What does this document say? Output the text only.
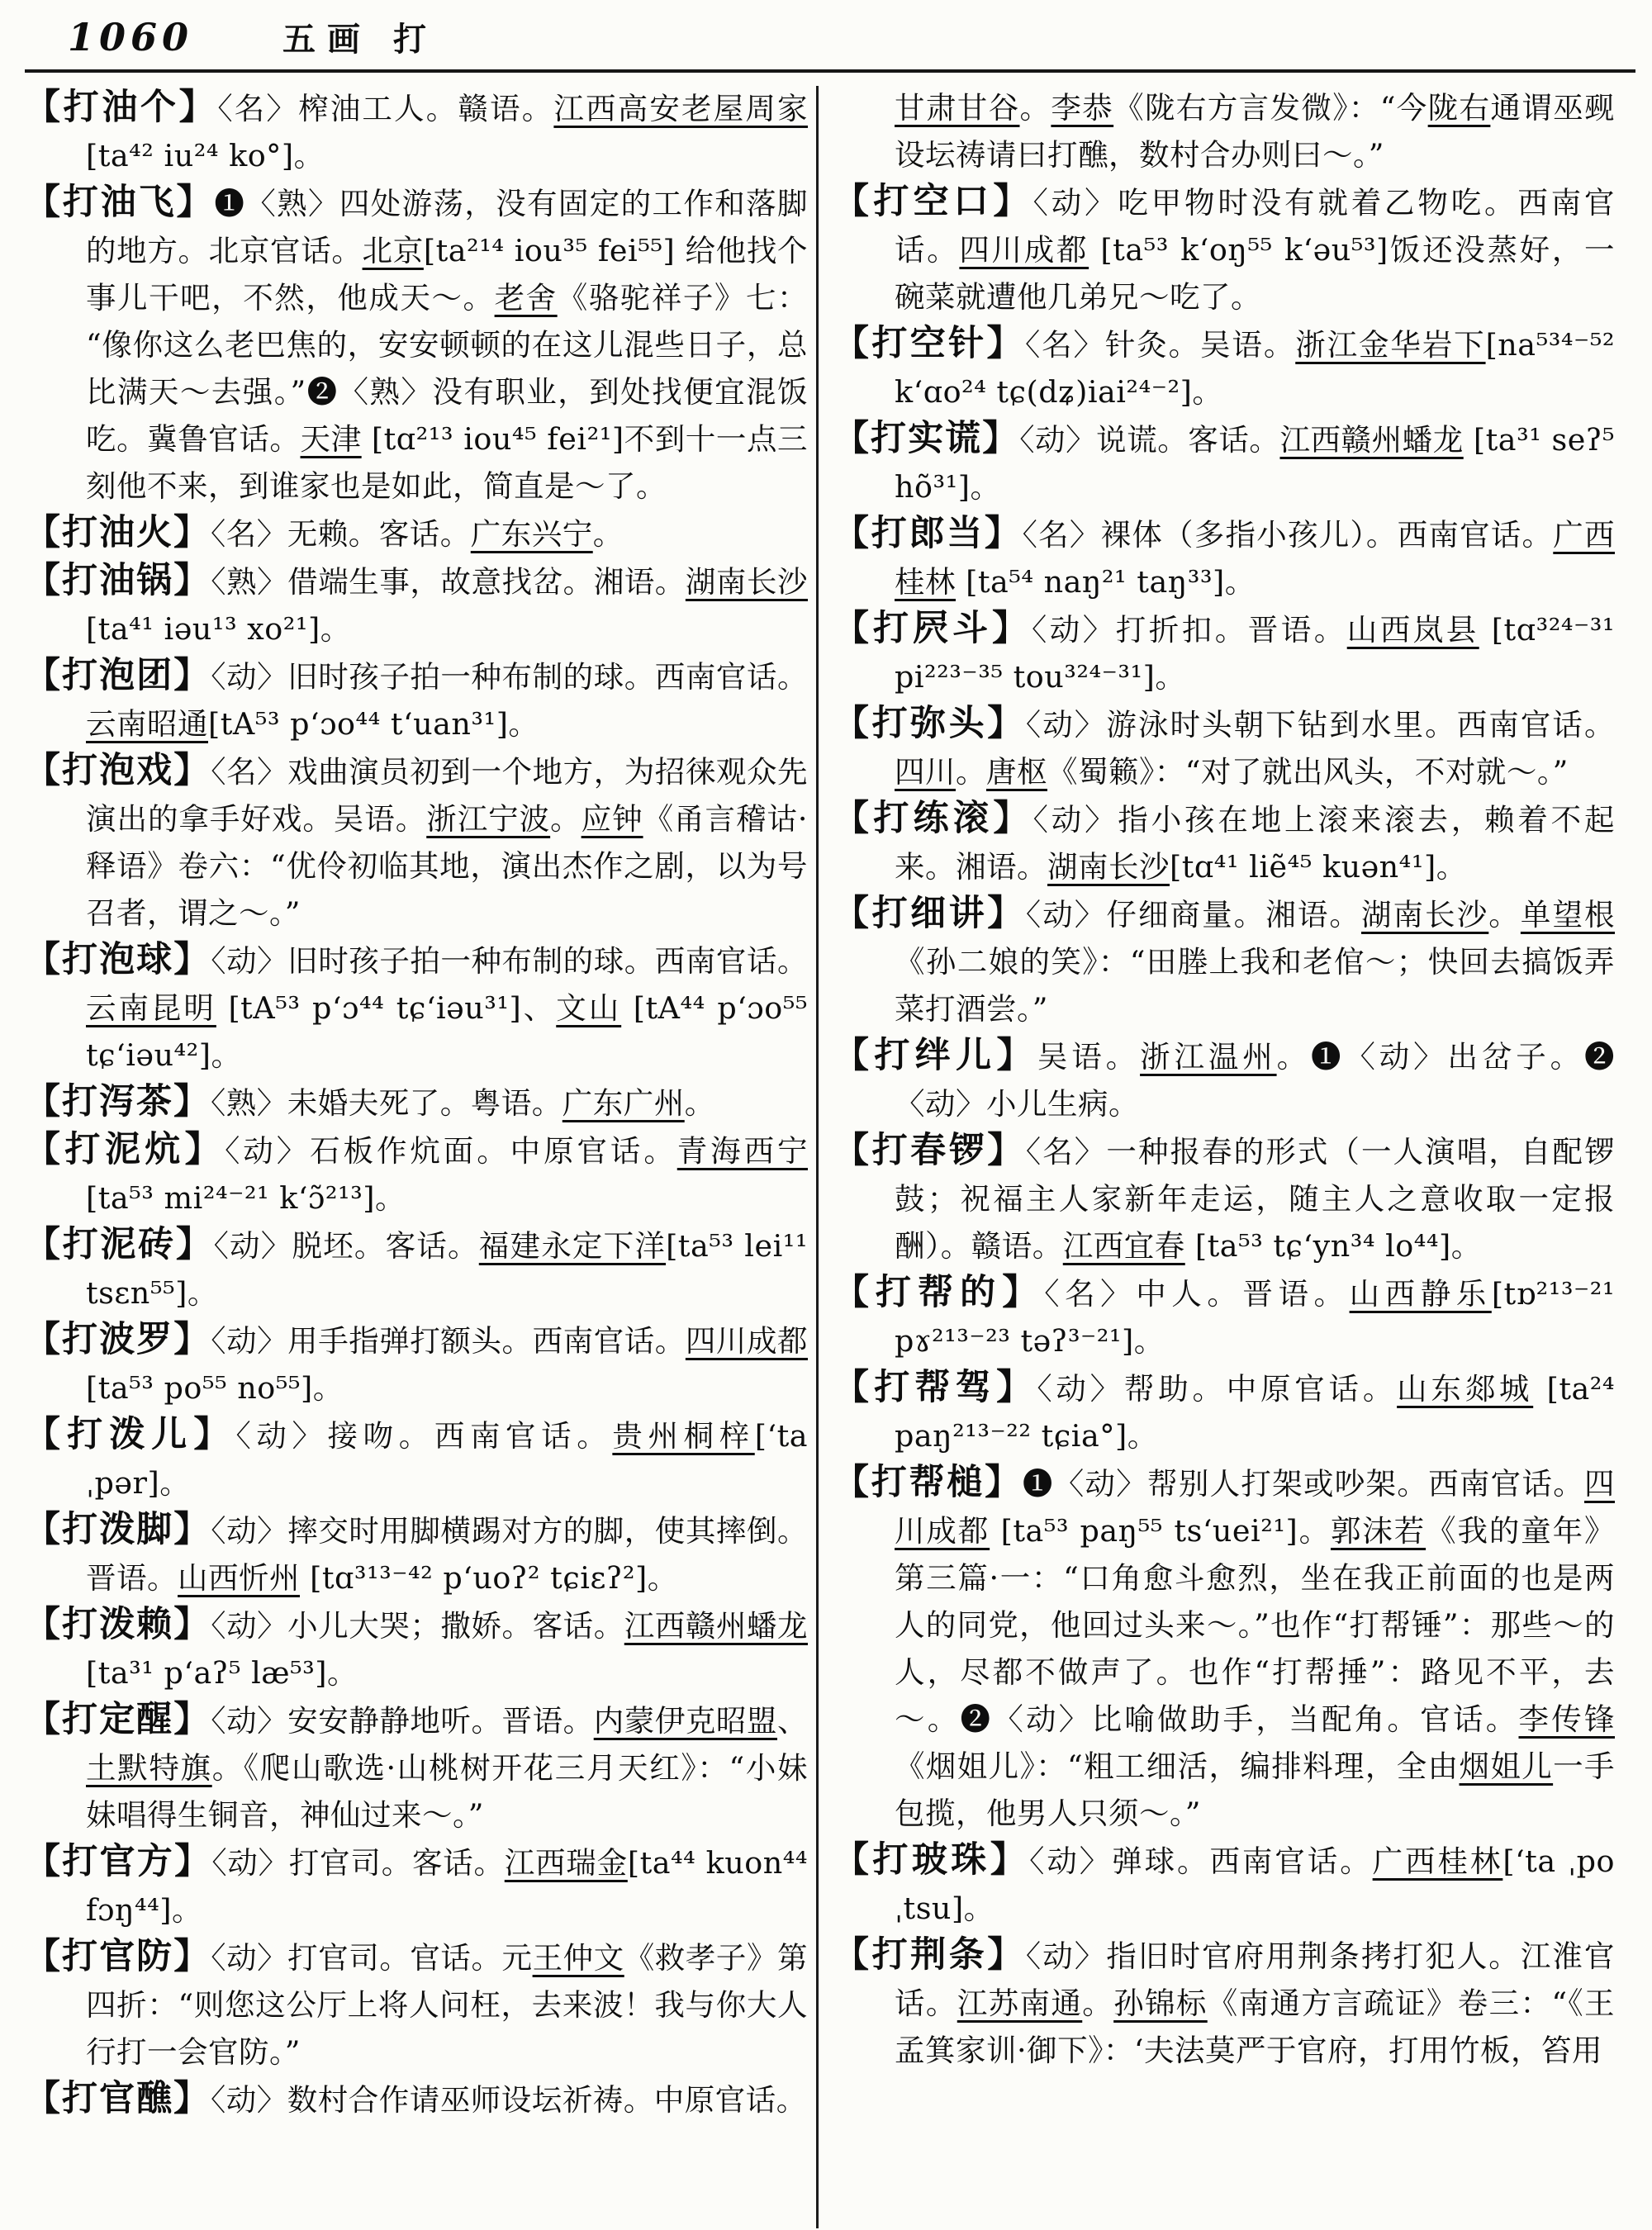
1060	五画 打

【打油个】〈名〉榨油工人。赣语。江西高安老屋周家[ta⁴² iu²⁴ ko°]。

【打油飞】❶〈熟〉四处游荡，没有固定的工作和落脚的地方。北京官话。北京[ta²¹⁴ iou³⁵ fei⁵⁵] 给他找个事儿干吧，不然，他成天～。老舍《骆驼祥子》七：“像你这么老巴焦的，安安顿顿的在这儿混些日子，总比满天～去强。”❷〈熟〉没有职业，到处找便宜混饭吃。冀鲁官话。天津 [tɑ²¹³ iou⁴⁵ fei²¹]不到十一点三刻他不来，到谁家也是如此，简直是～了。

【打油火】〈名〉无赖。客话。广东兴宁。

【打油锅】〈熟〉借端生事，故意找岔。湘语。湖南长沙[ta⁴¹ iəu¹³ xo²¹]。

【打泡团】〈动〉旧时孩子拍一种布制的球。西南官话。云南昭通[tA⁵³ p‘ɔo⁴⁴ t‘uan³¹]。

【打泡戏】〈名〉戏曲演员初到一个地方，为招徕观众先演出的拿手好戏。吴语。浙江宁波。应钟《甬言稽诂·释语》卷六：“优伶初临其地，演出杰作之剧，以为号召者，谓之～。”

【打泡球】〈动〉旧时孩子拍一种布制的球。西南官话。云南昆明 [tA⁵³ p‘ɔ⁴⁴ tɕ‘iəu³¹]、文山 [tA⁴⁴ p‘ɔo⁵⁵ tɕ‘iəu⁴²]。

【打泻茶】〈熟〉未婚夫死了。粤语。广东广州。

【打泥炕】〈动〉石板作炕面。中原官话。青海西宁 [ta⁵³ mi²⁴⁻²¹ k‘ɔ̃²¹³]。

【打泥砖】〈动〉脱坯。客话。福建永定下洋[ta⁵³ lei¹¹ tsɛn⁵⁵]。

【打波罗】〈动〉用手指弹打额头。西南官话。四川成都[ta⁵³ po⁵⁵ no⁵⁵]。

【打泼儿】〈动〉接吻。西南官话。贵州桐梓[ʻta ˌpər]。

【打泼脚】〈动〉摔交时用脚横踢对方的脚，使其摔倒。晋语。山西忻州 [tɑ³¹³⁻⁴² p‘uoʔ² tɕiɛʔ²]。

【打泼赖】〈动〉小儿大哭；撒娇。客话。江西赣州蟠龙[ta³¹ p‘aʔ⁵ læ⁵³]。

【打定醒】〈动〉安安静静地听。晋语。内蒙伊克昭盟、土默特旗。《爬山歌选·山桃树开花三月天红》：“小妹妹唱得生铜音，神仙过来～。”

【打官方】〈动〉打官司。客话。江西瑞金[ta⁴⁴ kuon⁴⁴ fɔŋ⁴⁴]。

【打官防】〈动〉打官司。官话。元王仲文《救孝子》第四折：“则您这公厅上将人问枉，去来波！我与你大人行打一会官防。”

【打官醮】〈动〉数村合作请巫师设坛祈祷。中原官话。

甘肃甘谷。李恭《陇右方言发微》：“今陇右通谓巫觋设坛祷请曰打醮，数村合办则曰～。”

【打空口】〈动〉吃甲物时没有就着乙物吃。西南官话。四川成都 [ta⁵³ k‘oŋ⁵⁵ k‘əu⁵³]饭还没蒸好，一碗菜就遭他几弟兄～吃了。

【打空针】〈名〉针灸。吴语。浙江金华岩下[na⁵³⁴⁻⁵² k‘ɑo²⁴ tɕ(dʑ)iai²⁴⁻²]。

【打实谎】〈动〉说谎。客话。江西赣州蟠龙 [ta³¹ seʔ⁵ hõ³¹]。

【打郎当】〈名〉裸体（多指小孩儿）。西南官话。广西桂林 [ta⁵⁴ naŋ²¹ taŋ³³]。

【打屄斗】〈动〉打折扣。晋语。山西岚县 [tɑ³²⁴⁻³¹ pi²²³⁻³⁵ tou³²⁴⁻³¹]。

【打弥头】〈动〉游泳时头朝下钻到水里。西南官话。四川。唐枢《蜀籁》：“对了就出风头，不对就～。”

【打练滚】〈动〉指小孩在地上滚来滚去，赖着不起来。湘语。湖南长沙[tɑ⁴¹ liẽ⁴⁵ kuən⁴¹]。

【打细讲】〈动〉仔细商量。湘语。湖南长沙。单望根《孙二娘的笑》：“田塍上我和老倌～；快回去搞饭弄菜打酒尝。”

【打绊儿】吴语。浙江温州。❶〈动〉出岔子。❷〈动〉小儿生病。

【打春锣】〈名〉一种报春的形式（一人演唱，自配锣鼓；祝福主人家新年走运，随主人之意收取一定报酬）。赣语。江西宜春 [ta⁵³ tɕ‘yn³⁴ lo⁴⁴]。

【打帮的】〈名〉中人。晋语。山西静乐[tɒ²¹³⁻²¹ pɤ²¹³⁻²³ təʔ³⁻²¹]。

【打帮驾】〈动〉帮助。中原官话。山东郯城 [ta²⁴ paŋ²¹³⁻²² tɕia°]。

【打帮槌】❶〈动〉帮别人打架或吵架。西南官话。四川成都 [ta⁵³ paŋ⁵⁵ ts‘uei²¹]。郭沫若《我的童年》第三篇·一：“口角愈斗愈烈，坐在我正前面的也是两人的同党，他回过头来～。”也作“打帮锤”：那些～的人，尽都不做声了。也作“打帮捶”：路见不平，去～。❷〈动〉比喻做助手，当配角。官话。李传锋《烟姐儿》：“粗工细活，编排料理，全由烟姐儿一手包揽，他男人只须～。”

【打玻珠】〈动〉弹球。西南官话。广西桂林[ʻta ˌpo ˌtsu]。

【打荆条】〈动〉指旧时官府用荆条拷打犯人。江淮官话。江苏南通。孙锦标《南通方言疏证》卷三：“《王孟箕家训·御下》：‘夫法莫严于官府，打用竹板，笞用
